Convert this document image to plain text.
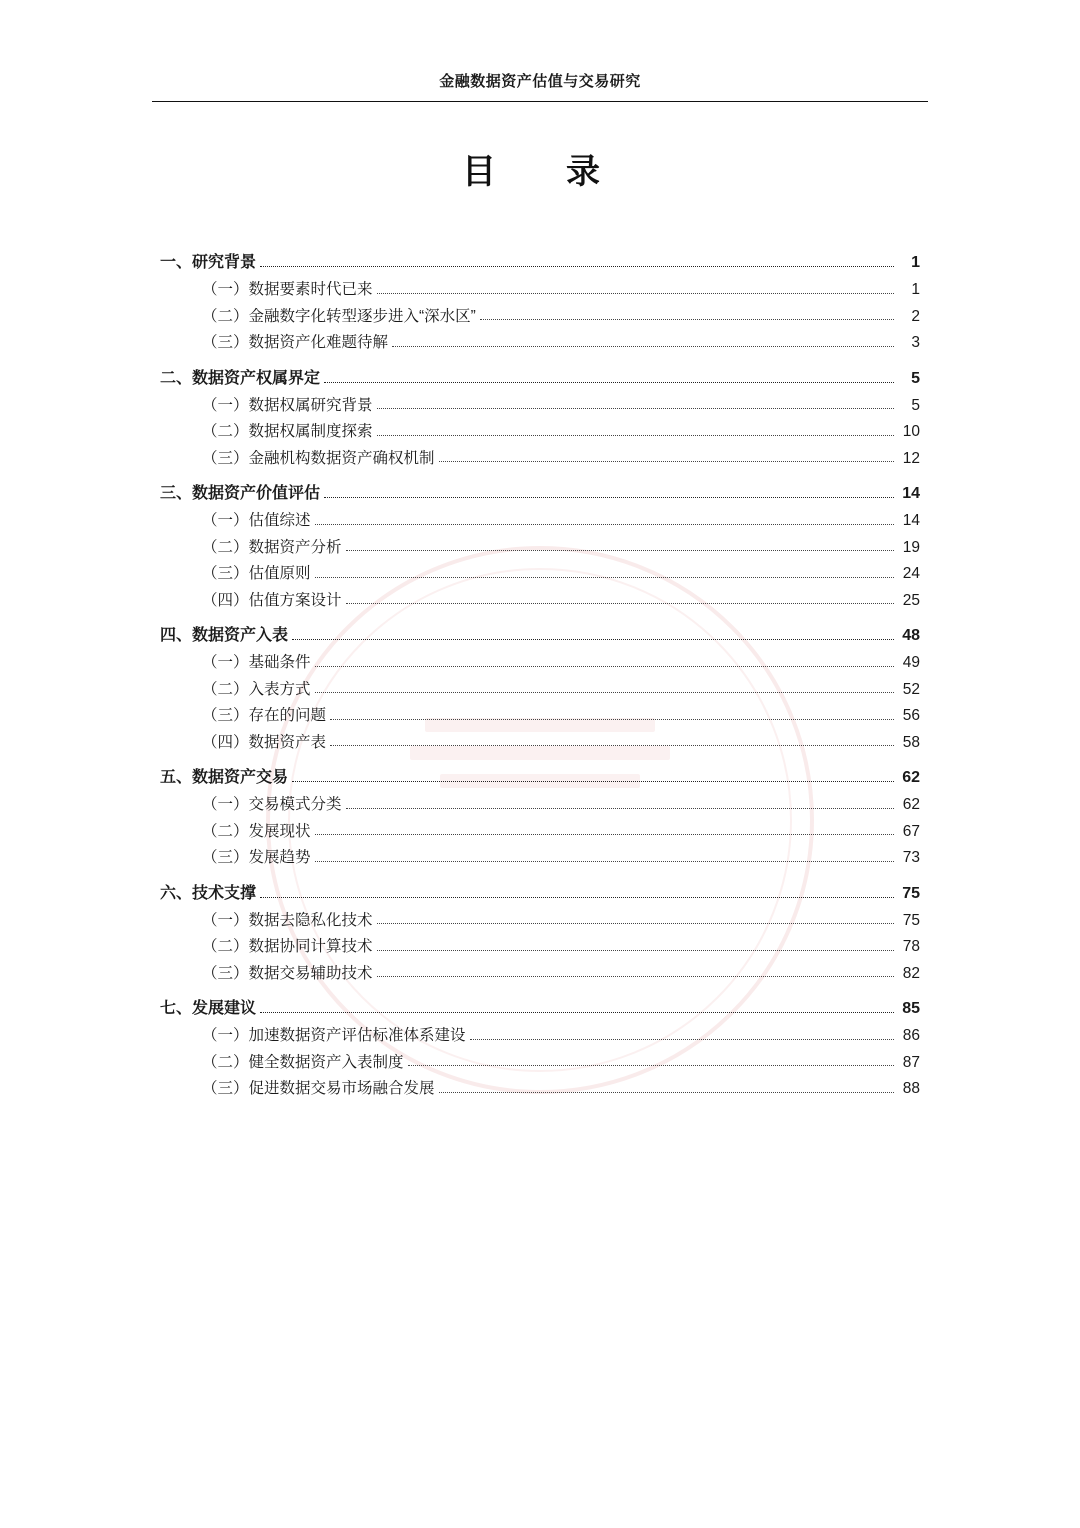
金融数据资产估值与交易研究
目　录
一、研究背景	1
（一）数据要素时代已来	1
（二）金融数字化转型逐步进入“深水区”	2
（三）数据资产化难题待解	3
二、数据资产权属界定	5
（一）数据权属研究背景	5
（二）数据权属制度探索	10
（三）金融机构数据资产确权机制	12
三、数据资产价值评估	14
（一）估值综述	14
（二）数据资产分析	19
（三）估值原则	24
（四）估值方案设计	25
四、数据资产入表	48
（一）基础条件	49
（二）入表方式	52
（三）存在的问题	56
（四）数据资产表	58
五、数据资产交易	62
（一）交易模式分类	62
（二）发展现状	67
（三）发展趋势	73
六、技术支撑	75
（一）数据去隐私化技术	75
（二）数据协同计算技术	78
（三）数据交易辅助技术	82
七、发展建议	85
（一）加速数据资产评估标准体系建设	86
（二）健全数据资产入表制度	87
（三）促进数据交易市场融合发展	88
